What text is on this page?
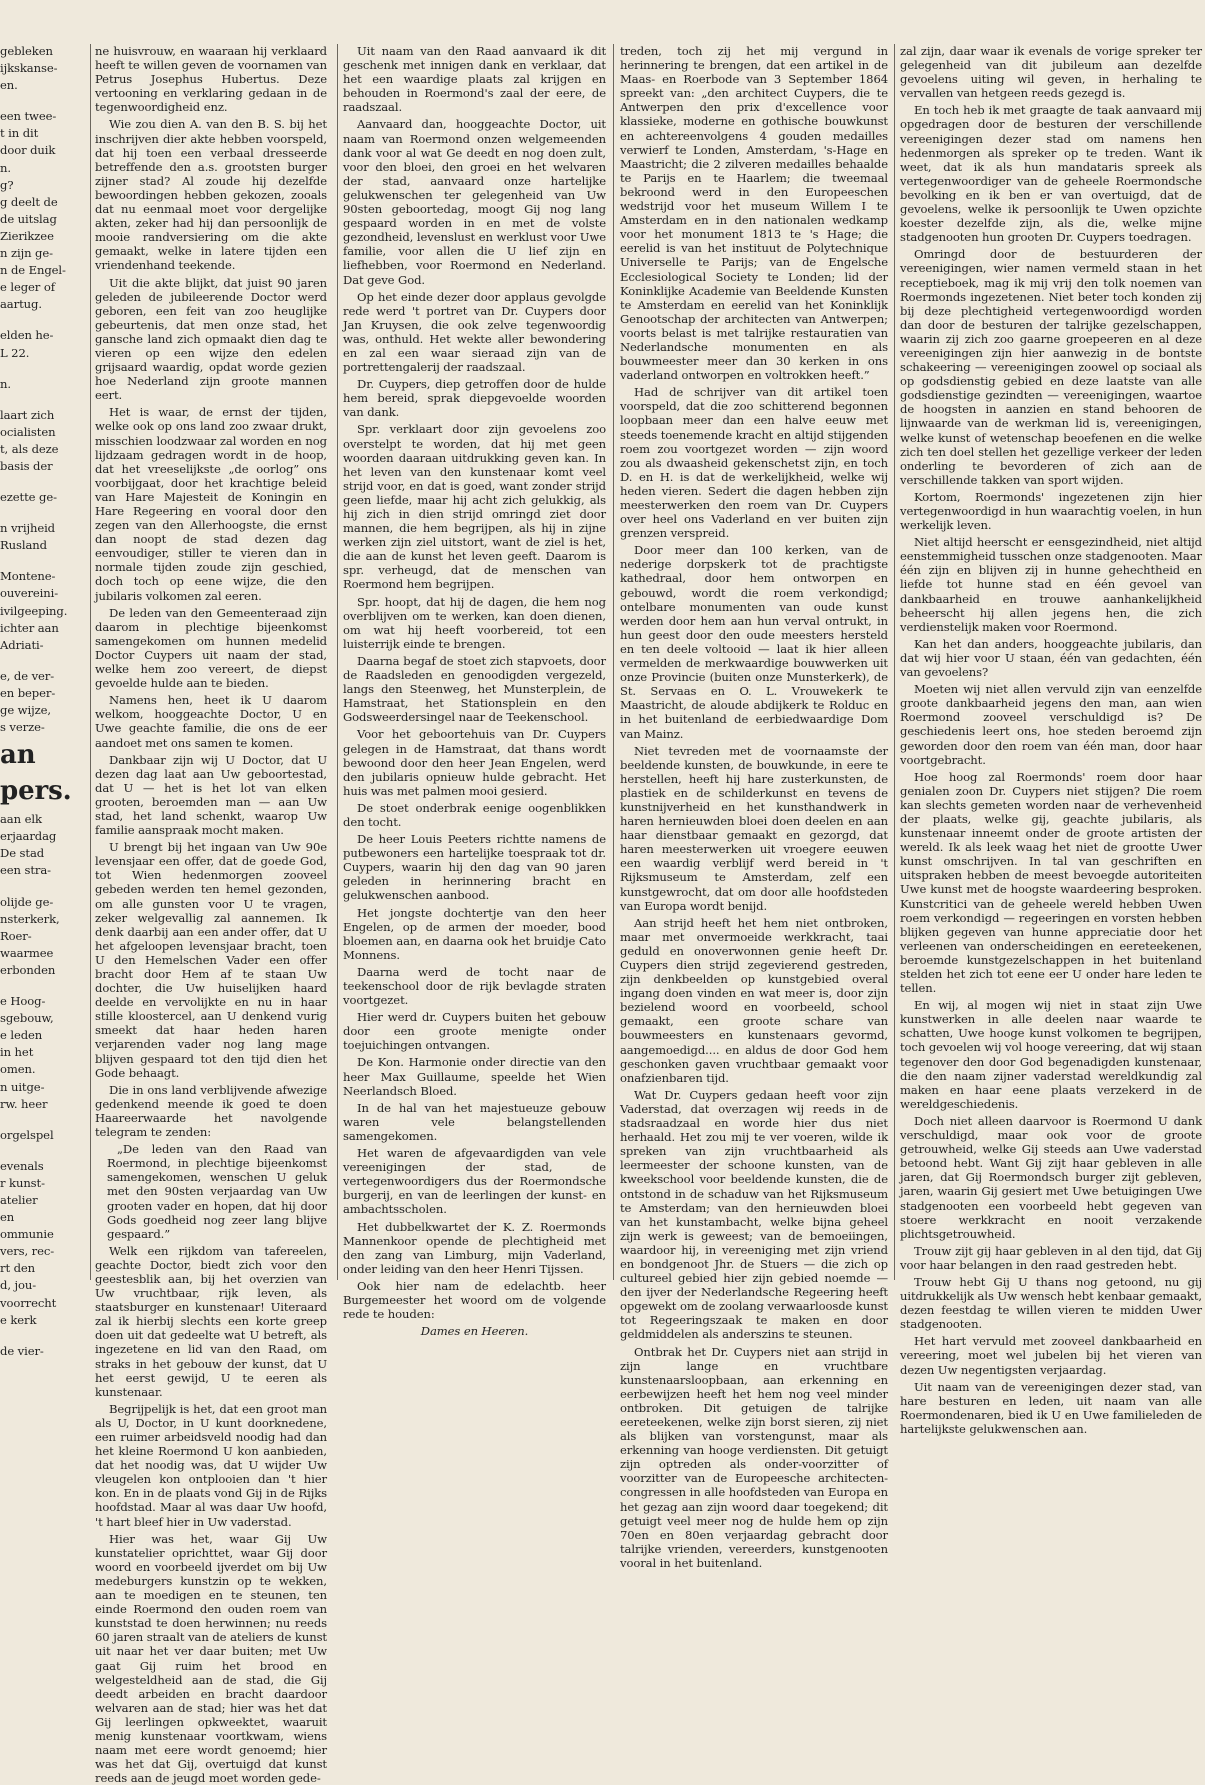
gebleken

ijkskanse-

en.

een twee-

t in dit

door duik

n.

g?

g deelt de

de uitslag

Zierikzee

n zijn ge-

n de Engel-

e leger of

aartug.

elden he-

L 22.

n.

laart zich

ocialisten

t, als deze

basis der

ezette ge-

n vrijheid

Rusland

Montene-

ouvereini-

ivilgeeping.

ichter aan

Adriati-

e, de ver-

en beper-

ge wijze,

s verze-

an

pers.

aan elk

erjaardag

De stad

een stra-

olijde ge-

nsterkerk,

Roer-

waarmee

erbonden

e Hoog-

sgebouw,

e leden

in het

omen.

n uitge-

rw. heer

orgelspel

evenals

r kunst-

atelier

en

ommunie

vers, rec-

rt den

d, jou-

voorrecht

e kerk

de vier-

ne huisvrouw, en waaraan hij verklaard heeft te willen geven de voornamen van Petrus Josephus Hubertus. Deze vertooning en verklaring gedaan in de tegenwoordigheid enz.

Wie zou dien A. van den B. S. bij het inschrijven dier akte hebben voorspeld, dat hij toen een verbaal dresseerde betreffende den a.s. grootsten burger zijner stad? Al zoude hij dezelfde bewoordingen hebben gekozen, zooals dat nu eenmaal moet voor dergelijke akten, zeker had hij dan persoonlijk de mooie randversiering om die akte gemaakt, welke in latere tijden een vriendenhand teekende.

Uit die akte blijkt, dat juist 90 jaren geleden de jubileerende Doctor werd geboren, een feit van zoo heuglijke gebeurtenis, dat men onze stad, het gansche land zich opmaakt dien dag te vieren op een wijze den edelen grijsaard waardig, opdat worde gezien hoe Nederland zijn groote mannen eert.

Het is waar, de ernst der tijden, welke ook op ons land zoo zwaar drukt, misschien loodzwaar zal worden en nog lijdzaam gedragen wordt in de hoop, dat het vreeselijkste „de oorlog” ons voorbijgaat, door het krachtige beleid van Hare Majesteit de Koningin en Hare Regeering en vooral door den zegen van den Allerhoogste, die ernst dan noopt de stad dezen dag eenvoudiger, stiller te vieren dan in normale tijden zoude zijn geschied, doch toch op eene wijze, die den jubilaris volkomen zal eeren.

De leden van den Gemeenteraad zijn daarom in plechtige bijeenkomst samengekomen om hunnen medelid Doctor Cuypers uit naam der stad, welke hem zoo vereert, de diepst gevoelde hulde aan te bieden.

Namens hen, heet ik U daarom welkom, hooggeachte Doctor, U en Uwe geachte familie, die ons de eer aandoet met ons samen te komen.

Dankbaar zijn wij U Doctor, dat U dezen dag laat aan Uw geboortestad, dat U — het is het lot van elken grooten, beroemden man — aan Uw stad, het land schenkt, waarop Uw familie aanspraak mocht maken.

U brengt bij het ingaan van Uw 90e levensjaar een offer, dat de goede God, tot Wien hedenmorgen zooveel gebeden werden ten hemel gezonden, om alle gunsten voor U te vragen, zeker welgevallig zal aannemen. Ik denk daarbij aan een ander offer, dat U het afgeloopen levensjaar bracht, toen U den Hemelschen Vader een offer bracht door Hem af te staan Uw dochter, die Uw huiselijken haard deelde en vervolijkte en nu in haar stille kloostercel, aan U denkend vurig smeekt dat haar heden haren verjarenden vader nog lang mage blijven gespaard tot den tijd dien het Gode behaagt.

Die in ons land verblijvende afwezige gedenkend meende ik goed te doen Haareerwaarde het navolgende telegram te zenden:

„De leden van den Raad van Roermond, in plechtige bijeenkomst samengekomen, wenschen U geluk met den 90sten verjaardag van Uw grooten vader en hopen, dat hij door Gods goedheid nog zeer lang blijve gespaard.”

Welk een rijkdom van tafereelen, geachte Doctor, biedt zich voor den geestesblik aan, bij het overzien van Uw vruchtbaar, rijk leven, als staatsburger en kunstenaar! Uiteraard zal ik hierbij slechts een korte greep doen uit dat gedeelte wat U betreft, als ingezetene en lid van den Raad, om straks in het gebouw der kunst, dat U het eerst gewijd, U te eeren als kunstenaar.

Begrijpelijk is het, dat een groot man als U, Doctor, in U kunt doorknedene, een ruimer arbeidsveld noodig had dan het kleine Roermond U kon aanbieden, dat het noodig was, dat U wijder Uw vleugelen kon ontplooien dan 't hier kon. En in de plaats vond Gij in de Rijks hoofdstad. Maar al was daar Uw hoofd, 't hart bleef hier in Uw vaderstad.

Hier was het, waar Gij Uw kunstatelier oprichttet, waar Gij door woord en voorbeeld ijverdet om bij Uw medeburgers kunstzin op te wekken, aan te moedigen en te steunen, ten einde Roermond den ouden roem van kunststad te doen herwinnen; nu reeds 60 jaren straalt van de ateliers de kunst uit naar het ver daar buiten; met Uw gaat Gij ruim het brood en welgesteldheid aan de stad, die Gij deedt arbeiden en bracht daardoor welvaren aan de stad; hier was het dat Gij leerlingen opkweektet, waaruit menig kunstenaar voortkwam, wiens naam met eere wordt genoemd; hier was het dat Gij, overtuigd dat kunst reeds aan de jeugd moet worden gede-

Uit naam van den Raad aanvaard ik dit geschenk met innigen dank en verklaar, dat het een waardige plaats zal krijgen en behouden in Roermond's zaal der eere, de raadszaal.

Aanvaard dan, hooggeachte Doctor, uit naam van Roermond onzen welgemeenden dank voor al wat Ge deedt en nog doen zult, voor den bloei, den groei en het welvaren der stad, aanvaard onze hartelijke gelukwenschen ter gelegenheid van Uw 90sten geboortedag, moogt Gij nog lang gespaard worden in en met de volste gezondheid, levenslust en werklust voor Uwe familie, voor allen die U lief zijn en liefhebben, voor Roermond en Nederland. Dat geve God.

Op het einde dezer door applaus gevolgde rede werd 't portret van Dr. Cuypers door Jan Kruysen, die ook zelve tegenwoordig was, onthuld. Het wekte aller bewondering en zal een waar sieraad zijn van de portrettengalerij der raadszaal.

Dr. Cuypers, diep getroffen door de hulde hem bereid, sprak diepgevoelde woorden van dank.

Spr. verklaart door zijn gevoelens zoo overstelpt te worden, dat hij met geen woorden daaraan uitdrukking geven kan. In het leven van den kunstenaar komt veel strijd voor, en dat is goed, want zonder strijd geen liefde, maar hij acht zich gelukkig, als hij zich in dien strijd omringd ziet door mannen, die hem begrijpen, als hij in zijne werken zijn ziel uitstort, want de ziel is het, die aan de kunst het leven geeft. Daarom is spr. verheugd, dat de menschen van Roermond hem begrijpen.

Spr. hoopt, dat hij de dagen, die hem nog overblijven om te werken, kan doen dienen, om wat hij heeft voorbereid, tot een luisterrijk einde te brengen.

Daarna begaf de stoet zich stapvoets, door de Raadsleden en genoodigden vergezeld, langs den Steenweg, het Munsterplein, de Hamstraat, het Stationsplein en den Godsweerdersingel naar de Teekenschool.

Voor het geboortehuis van Dr. Cuypers gelegen in de Hamstraat, dat thans wordt bewoond door den heer Jean Engelen, werd den jubilaris opnieuw hulde gebracht. Het huis was met palmen mooi gesierd.

De stoet onderbrak eenige oogenblikken den tocht.

De heer Louis Peeters richtte namens de putbewoners een hartelijke toespraak tot dr. Cuypers, waarin hij den dag van 90 jaren geleden in herinnering bracht en gelukwenschen aanbood.

Het jongste dochtertje van den heer Engelen, op de armen der moeder, bood bloemen aan, en daarna ook het bruidje Cato Monnens.

Daarna werd de tocht naar de teekenschool door de rijk bevlagde straten voortgezet.

Hier werd dr. Cuypers buiten het gebouw door een groote menigte onder toejuichingen ontvangen.

De Kon. Harmonie onder directie van den heer Max Guillaume, speelde het Wien Neerlandsch Bloed.

In de hal van het majestueuze gebouw waren vele belangstellenden samengekomen.

Het waren de afgevaardigden van vele vereenigingen der stad, de vertegenwoordigers dus der Roermondsche burgerij, en van de leerlingen der kunst- en ambachtsscholen.

Het dubbelkwartet der K. Z. Roermonds Mannenkoor opende de plechtigheid met den zang van Limburg, mijn Vaderland, onder leiding van den heer Henri Tijssen.

Ook hier nam de edelachtb. heer Burgemeester het woord om de volgende rede te houden:

Dames en Heeren.

treden, toch zij het mij vergund in herinnering te brengen, dat een artikel in de Maas- en Roerbode van 3 September 1864 spreekt van: „den architect Cuypers, die te Antwerpen den prix d'excellence voor klassieke, moderne en gothische bouwkunst en achtereenvolgens 4 gouden medailles verwierf te Londen, Amsterdam, 's-Hage en Maastricht; die 2 zilveren medailles behaalde te Parijs en te Haarlem; die tweemaal bekroond werd in den Europeeschen wedstrijd voor het museum Willem I te Amsterdam en in den nationalen wedkamp voor het monument 1813 te 's Hage; die eerelid is van het instituut de Polytechnique Universelle te Parijs; van de Engelsche Ecclesiological Society te Londen; lid der Koninklijke Academie van Beeldende Kunsten te Amsterdam en eerelid van het Koninklijk Genootschap der architecten van Antwerpen; voorts belast is met talrijke restauratien van Nederlandsche monumenten en als bouwmeester meer dan 30 kerken in ons vaderland ontworpen en voltrokken heeft.”

Had de schrijver van dit artikel toen voorspeld, dat die zoo schitterend begonnen loopbaan meer dan een halve eeuw met steeds toenemende kracht en altijd stijgenden roem zou voortgezet worden — zijn woord zou als dwaasheid gekenschetst zijn, en toch D. en H. is dat de werkelijkheid, welke wij heden vieren. Sedert die dagen hebben zijn meesterwerken den roem van Dr. Cuypers over heel ons Vaderland en ver buiten zijn grenzen verspreid.

Door meer dan 100 kerken, van de nederige dorpskerk tot de prachtigste kathedraal, door hem ontworpen en gebouwd, wordt die roem verkondigd; ontelbare monumenten van oude kunst werden door hem aan hun verval ontrukt, in hun geest door den oude meesters hersteld en ten deele voltooid — laat ik hier alleen vermelden de merkwaardige bouwwerken uit onze Provincie (buiten onze Munsterkerk), de St. Servaas en O. L. Vrouwekerk te Maastricht, de aloude abdijkerk te Rolduc en in het buitenland de eerbiedwaardige Dom van Mainz.

Niet tevreden met de voornaamste der beeldende kunsten, de bouwkunde, in eere te herstellen, heeft hij hare zusterkunsten, de plastiek en de schilderkunst en tevens de kunstnijverheid en het kunsthandwerk in haren hernieuwden bloei doen deelen en aan haar dienstbaar gemaakt en gezorgd, dat haren meesterwerken uit vroegere eeuwen een waardig verblijf werd bereid in 't Rijksmuseum te Amsterdam, zelf een kunstgewrocht, dat om door alle hoofdsteden van Europa wordt benijd.

Aan strijd heeft het hem niet ontbroken, maar met onvermoeide werkkracht, taai geduld en onoverwonnen genie heeft Dr. Cuypers dien strijd zegevierend gestreden, zijn denkbeelden op kunstgebied overal ingang doen vinden en wat meer is, door zijn bezielend woord en voorbeeld, school gemaakt, een groote schare van bouwmeesters en kunstenaars gevormd, aangemoedigd.... en aldus de door God hem geschonken gaven vruchtbaar gemaakt voor onafzienbaren tijd.

Wat Dr. Cuypers gedaan heeft voor zijn Vaderstad, dat overzagen wij reeds in de stadsraadzaal en worde hier dus niet herhaald. Het zou mij te ver voeren, wilde ik spreken van zijn vruchtbaarheid als leermeester der schoone kunsten, van de kweekschool voor beeldende kunsten, die de ontstond in de schaduw van het Rijksmuseum te Amsterdam; van den hernieuwden bloei van het kunstambacht, welke bijna geheel zijn werk is geweest; van de bemoeiingen, waardoor hij, in vereeniging met zijn vriend en bondgenoot Jhr. de Stuers — die zich op cultureel gebied hier zijn gebied noemde — den ijver der Nederlandsche Regeering heeft opgewekt om de zoolang verwaarloosde kunst tot Regeeringszaak te maken en door geldmiddelen als anderszins te steunen.

Ontbrak het Dr. Cuypers niet aan strijd in zijn lange en vruchtbare kunstenaarsloopbaan, aan erkenning en eerbewijzen heeft het hem nog veel minder ontbroken. Dit getuigen de talrijke eereteekenen, welke zijn borst sieren, zij niet als blijken van vorstengunst, maar als erkenning van hooge verdiensten. Dit getuigt zijn optreden als onder-voorzitter of voorzitter van de Europeesche architecten-congressen in alle hoofdsteden van Europa en het gezag aan zijn woord daar toegekend; dit getuigt veel meer nog de hulde hem op zijn 70en en 80en verjaardag gebracht door talrijke vrienden, vereerders, kunstgenooten vooral in het buitenland.

zal zijn, daar waar ik evenals de vorige spreker ter gelegenheid van dit jubileum aan dezelfde gevoelens uiting wil geven, in herhaling te vervallen van hetgeen reeds gezegd is.

En toch heb ik met graagte de taak aanvaard mij opgedragen door de besturen der verschillende vereenigingen dezer stad om namens hen hedenmorgen als spreker op te treden. Want ik weet, dat ik als hun mandataris spreek als vertegenwoordiger van de geheele Roermondsche bevolking en ik ben er van overtuigd, dat de gevoelens, welke ik persoonlijk te Uwen opzichte koester dezelfde zijn, als die, welke mijne stadgenooten hun grooten Dr. Cuypers toedragen.

Omringd door de bestuurderen der vereenigingen, wier namen vermeld staan in het receptieboek, mag ik mij vrij den tolk noemen van Roermonds ingezetenen. Niet beter toch konden zij bij deze plechtigheid vertegenwoordigd worden dan door de besturen der talrijke gezelschappen, waarin zij zich zoo gaarne groepeeren en al deze vereenigingen zijn hier aanwezig in de bontste schakeering — vereenigingen zoowel op sociaal als op godsdienstig gebied en deze laatste van alle godsdienstige gezindten — vereenigingen, waartoe de hoogsten in aanzien en stand behooren de lijnwaarde van de werkman lid is, vereenigingen, welke kunst of wetenschap beoefenen en die welke zich ten doel stellen het gezellige verkeer der leden onderling te bevorderen of zich aan de verschillende takken van sport wijden.

Kortom, Roermonds' ingezetenen zijn hier vertegenwoordigd in hun waarachtig voelen, in hun werkelijk leven.

Niet altijd heerscht er eensgezindheid, niet altijd eenstemmigheid tusschen onze stadgenooten. Maar één zijn en blijven zij in hunne gehechtheid en liefde tot hunne stad en één gevoel van dankbaarheid en trouwe aanhankelijkheid beheerscht hij allen jegens hen, die zich verdienstelijk maken voor Roermond.

Kan het dan anders, hooggeachte jubilaris, dan dat wij hier voor U staan, één van gedachten, één van gevoelens?

Moeten wij niet allen vervuld zijn van eenzelfde groote dankbaarheid jegens den man, aan wien Roermond zooveel verschuldigd is? De geschiedenis leert ons, hoe steden beroemd zijn geworden door den roem van één man, door haar voortgebracht.

Hoe hoog zal Roermonds' roem door haar genialen zoon Dr. Cuypers niet stijgen? Die roem kan slechts gemeten worden naar de verhevenheid der plaats, welke gij, geachte jubilaris, als kunstenaar inneemt onder de groote artisten der wereld. Ik als leek waag het niet de grootte Uwer kunst omschrijven. In tal van geschriften en uitspraken hebben de meest bevoegde autoriteiten Uwe kunst met de hoogste waardeering besproken. Kunstcritici van de geheele wereld hebben Uwen roem verkondigd — regeeringen en vorsten hebben blijken gegeven van hunne appreciatie door het verleenen van onderscheidingen en eereteekenen, beroemde kunstgezelschappen in het buitenland stelden het zich tot eene eer U onder hare leden te tellen.

En wij, al mogen wij niet in staat zijn Uwe kunstwerken in alle deelen naar waarde te schatten, Uwe hooge kunst volkomen te begrijpen, toch gevoelen wij vol hooge vereering, dat wij staan tegenover den door God begenadigden kunstenaar, die den naam zijner vaderstad wereldkundig zal maken en haar eene plaats verzekerd in de wereldgeschiedenis.

Doch niet alleen daarvoor is Roermond U dank verschuldigd, maar ook voor de groote getrouwheid, welke Gij steeds aan Uwe vaderstad betoond hebt. Want Gij zijt haar gebleven in alle jaren, dat Gij Roermondsch burger zijt gebleven, jaren, waarin Gij gesiert met Uwe betuigingen Uwe stadgenooten een voorbeeld hebt gegeven van stoere werkkracht en nooit verzakende plichtsgetrouwheid.

Trouw zijt gij haar gebleven in al den tijd, dat Gij voor haar belangen in den raad gestreden hebt.

Trouw hebt Gij U thans nog getoond, nu gij uitdrukkelijk als Uw wensch hebt kenbaar gemaakt, dezen feestdag te willen vieren te midden Uwer stadgenooten.

Het hart vervuld met zooveel dankbaarheid en vereering, moet wel jubelen bij het vieren van dezen Uw negentigsten verjaardag.

Uit naam van de vereenigingen dezer stad, van hare besturen en leden, uit naam van alle Roermondenaren, bied ik U en Uwe familieleden de hartelijkste gelukwenschen aan.
